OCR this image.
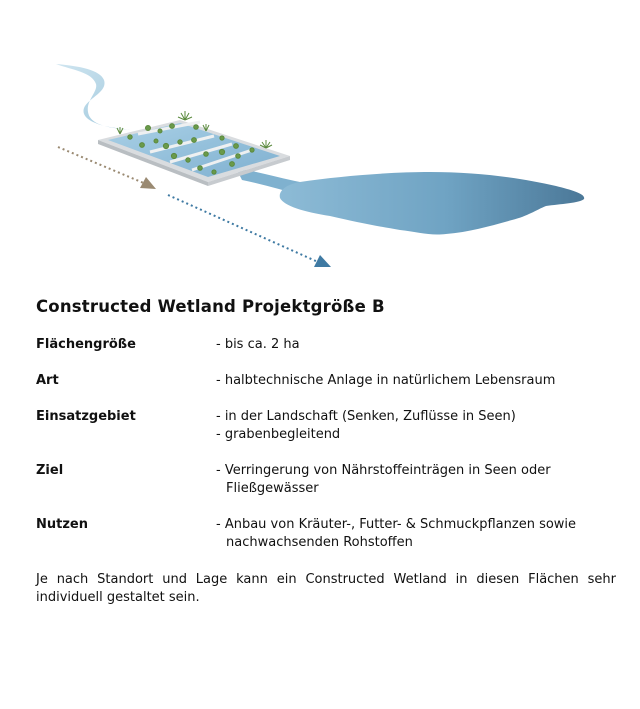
Constructed Wetland Projektgröße B
Flächengröße	- bis ca. 2 ha
Art	- halbtechnische Anlage in natürlichem Lebensraum
Einsatzgebiet	- in der Landschaft (Senken, Zuflüsse in Seen)
- grabenbegleitend
Ziel	- Verringerung von Nährstoffeinträgen in Seen oder Fließgewässer
Nutzen	- Anbau von Kräuter-, Futter- & Schmuckpflanzen sowie nachwachsenden Rohstoffen

Je nach Standort und Lage kann ein Constructed Wetland in diesen Flächen sehr individuell gestaltet sein.
